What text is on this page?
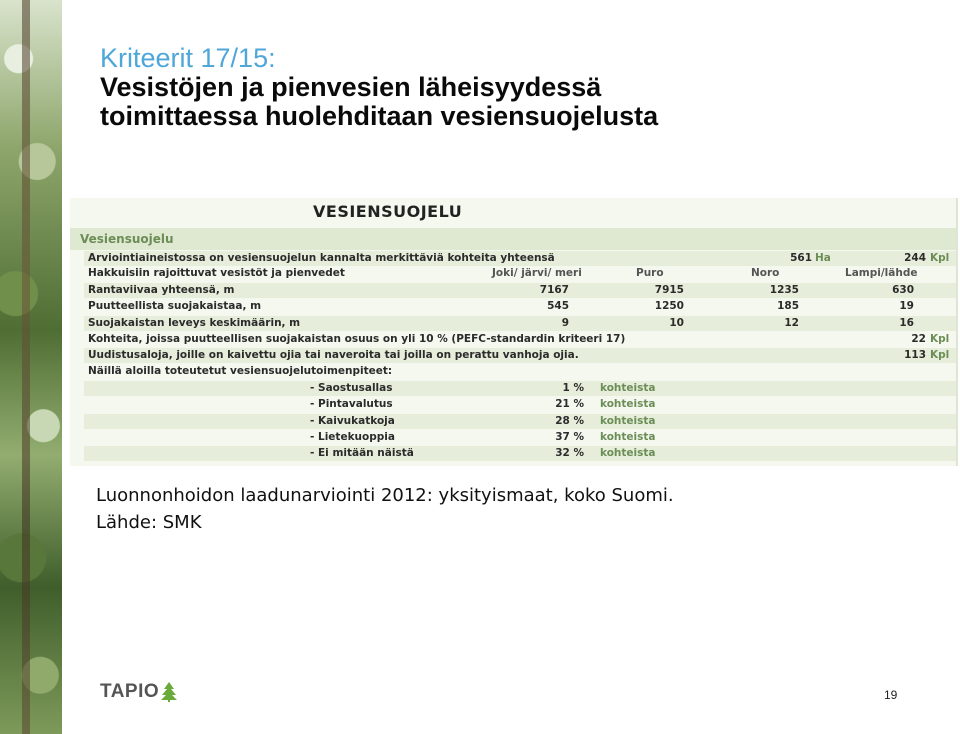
Kriteerit 17/15:
Vesistöjen ja pienvesien läheisyydessä
toimittaessa huolehditaan vesiensuojelusta
VESIENSUOJELU
Vesiensuojelu
Arviointiaineistossa on vesiensuojelun kannalta merkittäviä kohteita yhteensä	561 Ha	244 Kpl
Hakkuisiin rajoittuvat vesistöt ja pienvedet	Joki/ järvi/ meri	Puro	Noro	Lampi/lähde
Rantaviivaa yhteensä, m	7167	7915	1235	630
Puutteellista suojakaistaa, m	545	1250	185	19
Suojakaistan leveys keskimäärin, m	9	10	12	16
Kohteita, joissa puutteellisen suojakaistan osuus on yli 10 % (PEFC-standardin kriteeri 17)	22 Kpl
Uudistusaloja, joille on kaivettu ojia tai naveroita tai joilla on perattu vanhoja ojia.	113 Kpl
Näillä aloilla toteutetut vesiensuojelutoimenpiteet:
- Saostusallas	1 % kohteista
- Pintavalutus	21 % kohteista
- Kaivukatkoja	28 % kohteista
- Lietekuoppia	37 % kohteista
- Ei mitään näistä	32 % kohteista
Luonnonhoidon laadunarviointi 2012: yksityismaat, koko Suomi.
Lähde: SMK
TAPIO	19
